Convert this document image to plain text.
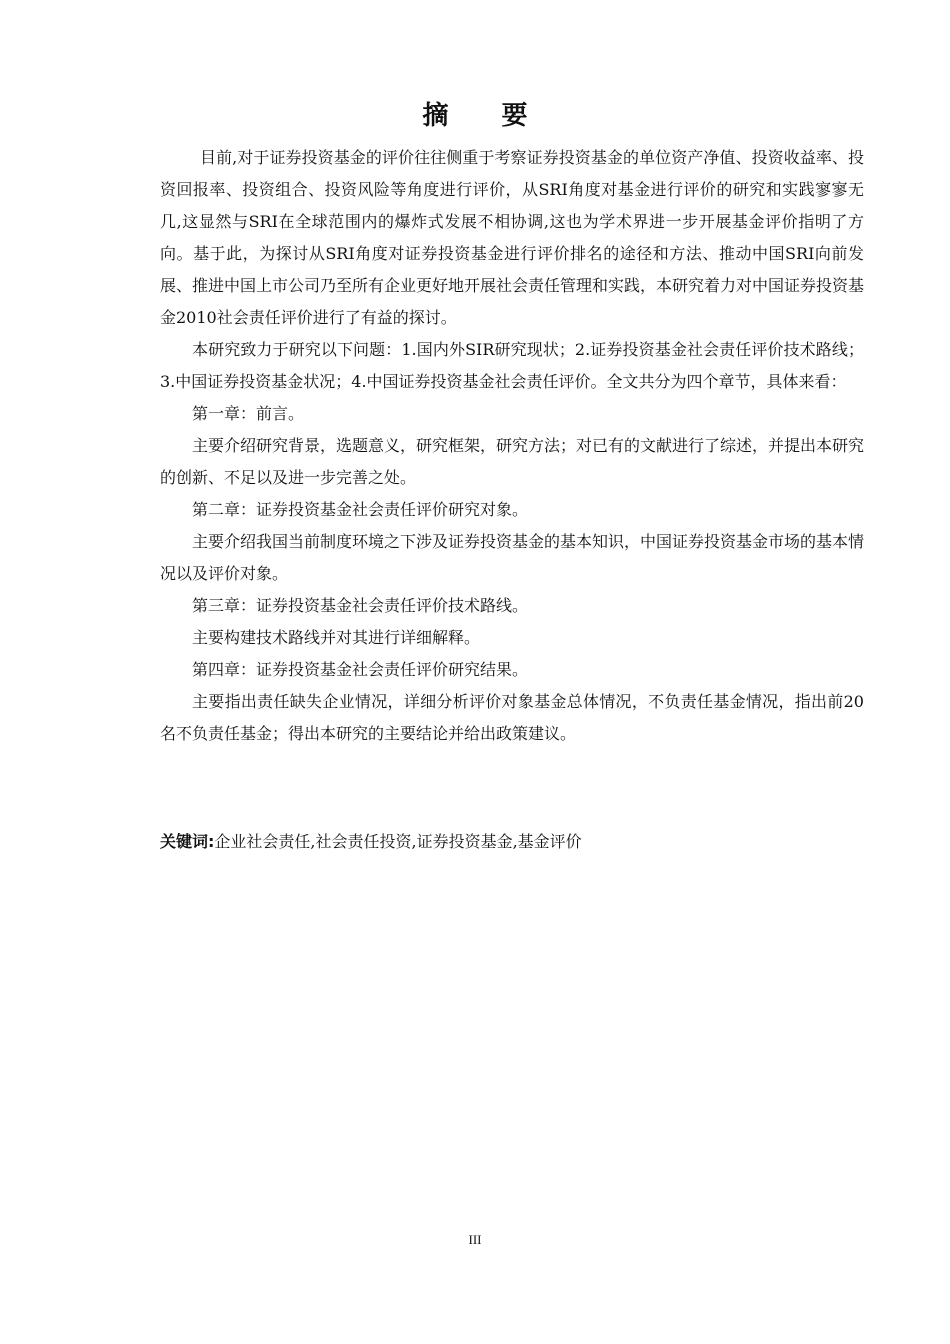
摘 要

目前,对于证券投资基金的评价往往侧重于考察证券投资基金的单位资产净值、投资收益率、投资回报率、投资组合、投资风险等角度进行评价，从SRI角度对基金进行评价的研究和实践寥寥无几,这显然与SRI在全球范围内的爆炸式发展不相协调,这也为学术界进一步开展基金评价指明了方向。基于此，为探讨从SRI角度对证券投资基金进行评价排名的途径和方法、推动中国SRI向前发展、推进中国上市公司乃至所有企业更好地开展社会责任管理和实践，本研究着力对中国证券投资基金2010社会责任评价进行了有益的探讨。

本研究致力于研究以下问题：1.国内外SIR研究现状；2.证券投资基金社会责任评价技术路线；3.中国证券投资基金状况；4.中国证券投资基金社会责任评价。全文共分为四个章节，具体来看：

第一章：前言。

主要介绍研究背景，选题意义，研究框架，研究方法；对已有的文献进行了综述，并提出本研究的创新、不足以及进一步完善之处。

第二章：证券投资基金社会责任评价研究对象。

主要介绍我国当前制度环境之下涉及证券投资基金的基本知识，中国证券投资基金市场的基本情况以及评价对象。

第三章：证券投资基金社会责任评价技术路线。

主要构建技术路线并对其进行详细解释。

第四章：证券投资基金社会责任评价研究结果。

主要指出责任缺失企业情况，详细分析评价对象基金总体情况，不负责任基金情况，指出前20名不负责任基金；得出本研究的主要结论并给出政策建议。

关键词:企业社会责任,社会责任投资,证券投资基金,基金评价

III
